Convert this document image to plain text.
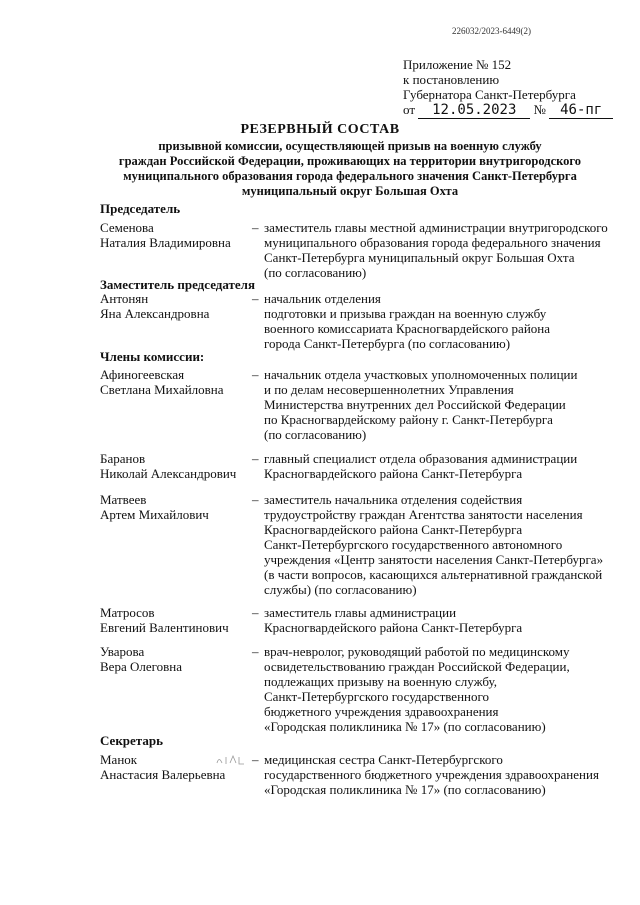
226032/2023-6449(2)
Приложение № 152
к постановлению
Губернатора Санкт-Петербурга
от 12.05.2023 № 46-пг
РЕЗЕРВНЫЙ СОСТАВ
призывной комиссии, осуществляющей призыв на военную службу
граждан Российской Федерации, проживающих на территории внутригородского
муниципального образования города федерального значения Санкт-Петербурга
муниципальный округ Большая Охта
Председатель
Семенова
Наталия Владимировна
– заместитель главы местной администрации внутригородского
муниципального образования города федерального значения
Санкт-Петербурга муниципальный округ Большая Охта
(по согласованию)
Заместитель председателя
Антонян
Яна Александровна
– начальник отделения
подготовки и призыва граждан на военную службу
военного комиссариата Красногвардейского района
города Санкт-Петербурга (по согласованию)
Члены комиссии:
Афиногеевская
Светлана Михайловна
– начальник отдела участковых уполномоченных полиции
и по делам несовершеннолетних Управления
Министерства внутренних дел Российской Федерации
по Красногвардейскому району г. Санкт-Петербурга
(по согласованию)
Баранов
Николай Александрович
– главный специалист отдела образования администрации
Красногвардейского района Санкт-Петербурга
Матвеев
Артем Михайлович
– заместитель начальника отделения содействия
трудоустройству граждан Агентства занятости населения
Красногвардейского района Санкт-Петербурга
Санкт-Петербургского государственного автономного
учреждения «Центр занятости населения Санкт-Петербурга»
(в части вопросов, касающихся альтернативной гражданской
службы) (по согласованию)
Матросов
Евгений Валентинович
– заместитель главы администрации
Красногвардейского района Санкт-Петербурга
Уварова
Вера Олеговна
– врач-невролог, руководящий работой по медицинскому
освидетельствованию граждан Российской Федерации,
подлежащих призыву на военную службу,
Санкт-Петербургского государственного
бюджетного учреждения здравоохранения
«Городская поликлиника № 17» (по согласованию)
Секретарь
Манок
Анастасия Валерьевна
– медицинская сестра Санкт-Петербургского
государственного бюджетного учреждения здравоохранения
«Городская поликлиника № 17» (по согласованию)
